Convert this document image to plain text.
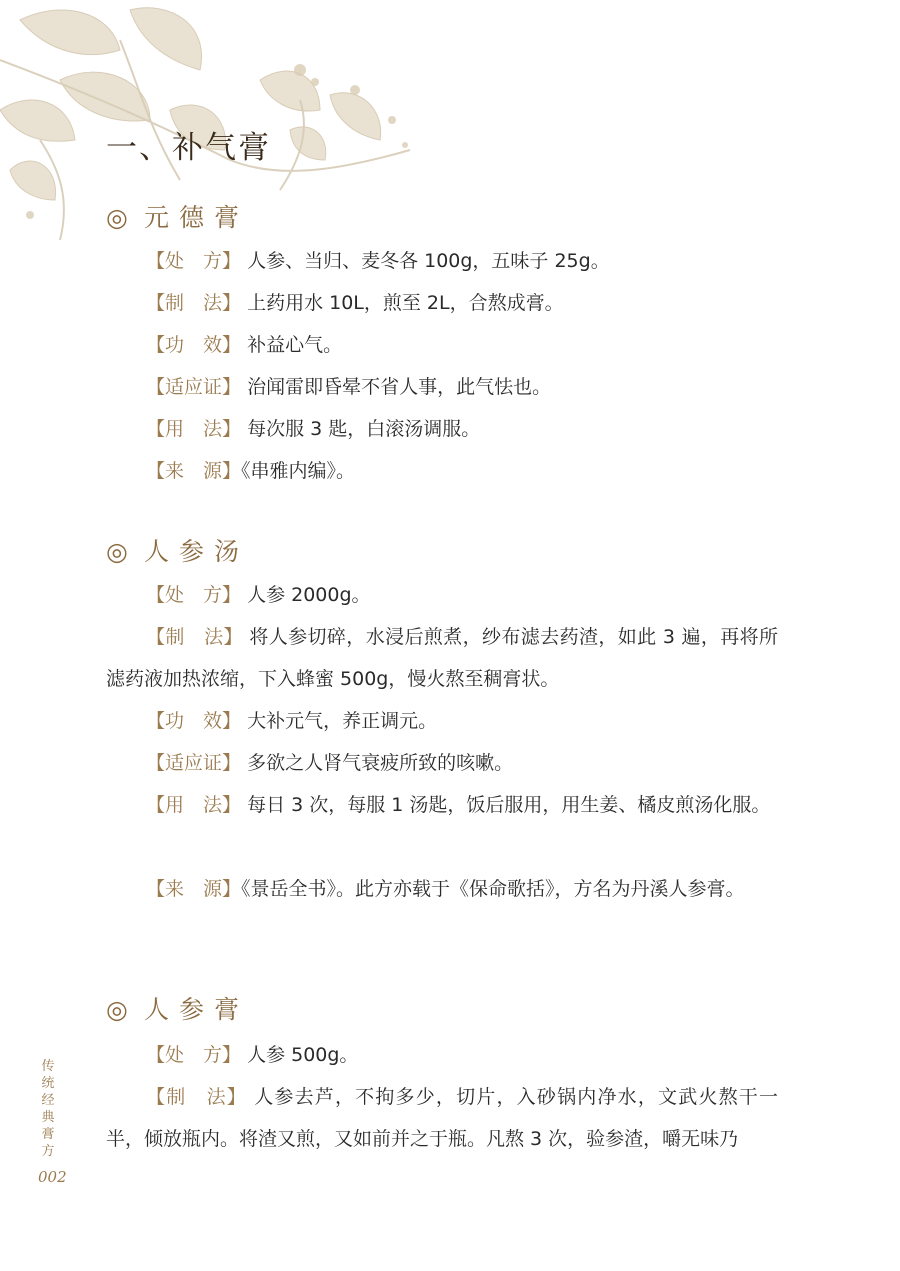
一、补气膏
◎ 元德膏
【处　方】 人参、当归、麦冬各 100g，五味子 25g。
【制　法】 上药用水 10L，煎至 2L，合熬成膏。
【功　效】 补益心气。
【适应证】 治闻雷即昏晕不省人事，此气怯也。
【用　法】 每次服 3 匙，白滚汤调服。
【来　源】《串雅内编》。
◎ 人参汤
【处　方】 人参 2000g。
【制　法】 将人参切碎，水浸后煎煮，纱布滤去药渣，如此 3 遍，再将所滤药液加热浓缩，下入蜂蜜 500g，慢火熬至稠膏状。
【功　效】 大补元气，养正调元。
【适应证】 多欲之人肾气衰疲所致的咳嗽。
【用　法】 每日 3 次，每服 1 汤匙，饭后服用，用生姜、橘皮煎汤化服。
【来　源】《景岳全书》。此方亦载于《保命歌括》，方名为丹溪人参膏。
◎ 人参膏
【处　方】 人参 500g。
【制　法】 人参去芦，不拘多少，切片，入砂锅内净水，文武火熬干一半，倾放瓶内。将渣又煎，又如前并之于瓶。凡熬 3 次，验参渣，嚼无味乃
传统经典膏方
002
